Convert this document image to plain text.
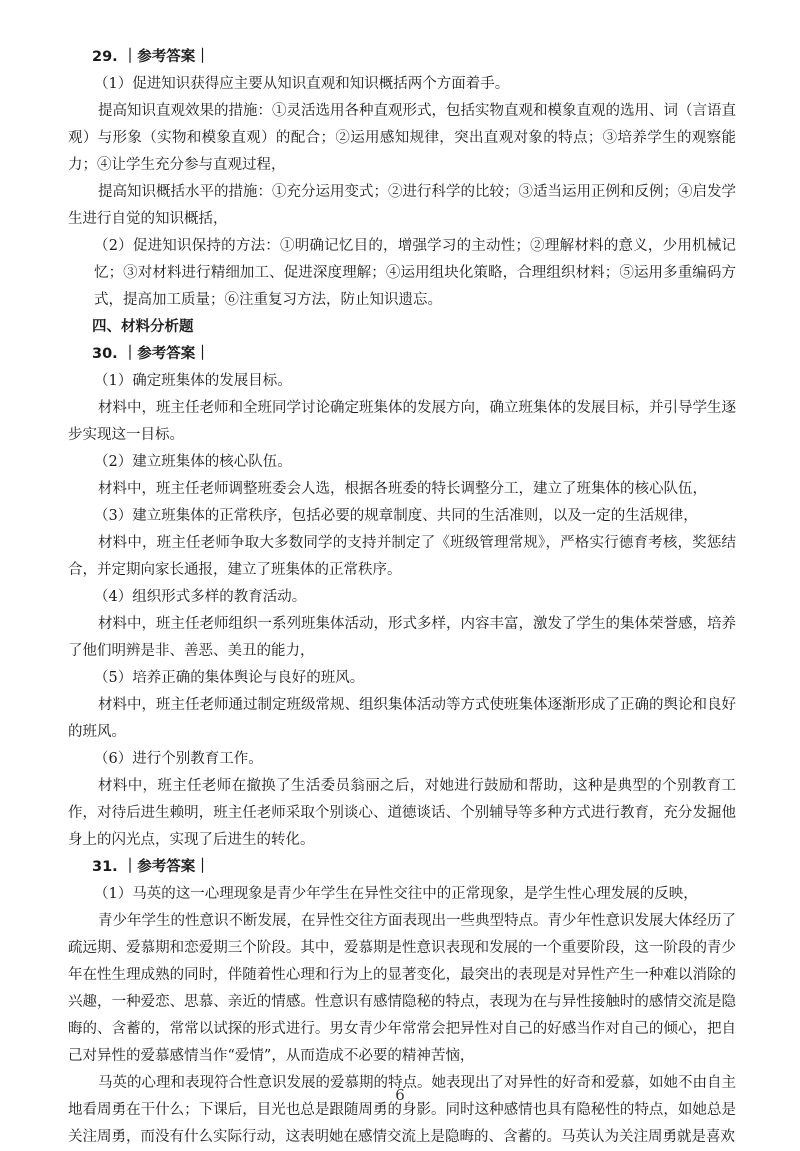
29. ｜参考答案｜

（1）促进知识获得应主要从知识直观和知识概括两个方面着手。

提高知识直观效果的措施：①灵活选用各种直观形式，包括实物直观和模象直观的选用、词（言语直观）与形象（实物和模象直观）的配合；②运用感知规律，突出直观对象的特点；③培养学生的观察能力；④让学生充分参与直观过程，

提高知识概括水平的措施：①充分运用变式；②进行科学的比较；③适当运用正例和反例；④启发学生进行自觉的知识概括，

（2）促进知识保持的方法：①明确记忆目的，增强学习的主动性；②理解材料的意义，少用机械记忆；③对材料进行精细加工、促进深度理解；④运用组块化策略，合理组织材料；⑤运用多重编码方式，提高加工质量；⑥注重复习方法，防止知识遗忘。

四、材料分析题
30. ｜参考答案｜

（1）确定班集体的发展目标。

材料中，班主任老师和全班同学讨论确定班集体的发展方向，确立班集体的发展目标，并引导学生逐步实现这一目标。

（2）建立班集体的核心队伍。

材料中，班主任老师调整班委会人选，根据各班委的特长调整分工，建立了班集体的核心队伍，

（3）建立班集体的正常秩序，包括必要的规章制度、共同的生活准则，以及一定的生活规律，

材料中，班主任老师争取大多数同学的支持并制定了《班级管理常规》，严格实行德育考核，奖惩结合，并定期向家长通报，建立了班集体的正常秩序。

（4）组织形式多样的教育活动。

材料中，班主任老师组织一系列班集体活动，形式多样，内容丰富，激发了学生的集体荣誉感，培养了他们明辨是非、善恶、美丑的能力，

（5）培养正确的集体舆论与良好的班风。

材料中，班主任老师通过制定班级常规、组织集体活动等方式使班集体逐渐形成了正确的舆论和良好的班风。

（6）进行个别教育工作。

材料中，班主任老师在撤换了生活委员翁丽之后，对她进行鼓励和帮助，这种是典型的个别教育工作，对待后进生赖明，班主任老师采取个别谈心、道德谈话、个别辅导等多种方式进行教育，充分发掘他身上的闪光点，实现了后进生的转化。

31. ｜参考答案｜

（1）马英的这一心理现象是青少年学生在异性交往中的正常现象，是学生性心理发展的反映，

青少年学生的性意识不断发展，在异性交往方面表现出一些典型特点。青少年性意识发展大体经历了疏远期、爱慕期和恋爱期三个阶段。其中，爱慕期是性意识表现和发展的一个重要阶段，这一阶段的青少年在性生理成熟的同时，伴随着性心理和行为上的显著变化，最突出的表现是对异性产生一种难以消除的兴趣，一种爱恋、思慕、亲近的情感。性意识有感情隐秘的特点，表现为在与异性接触时的感情交流是隐晦的、含蓄的，常常以试探的形式进行。男女青少年常常会把异性对自己的好感当作对自己的倾心，把自己对异性的爱慕感情当作“爱情”，从而造成不必要的精神苦恼，

马英的心理和表现符合性意识发展的爱慕期的特点。她表现出了对异性的好奇和爱慕，如她不由自主地看周勇在干什么；下课后，目光也总是跟随周勇的身影。同时这种感情也具有隐秘性的特点，如她总是关注周勇，而没有什么实际行动，这表明她在感情交流上是隐晦的、含蓄的。马英认为关注周勇就是喜欢

6
